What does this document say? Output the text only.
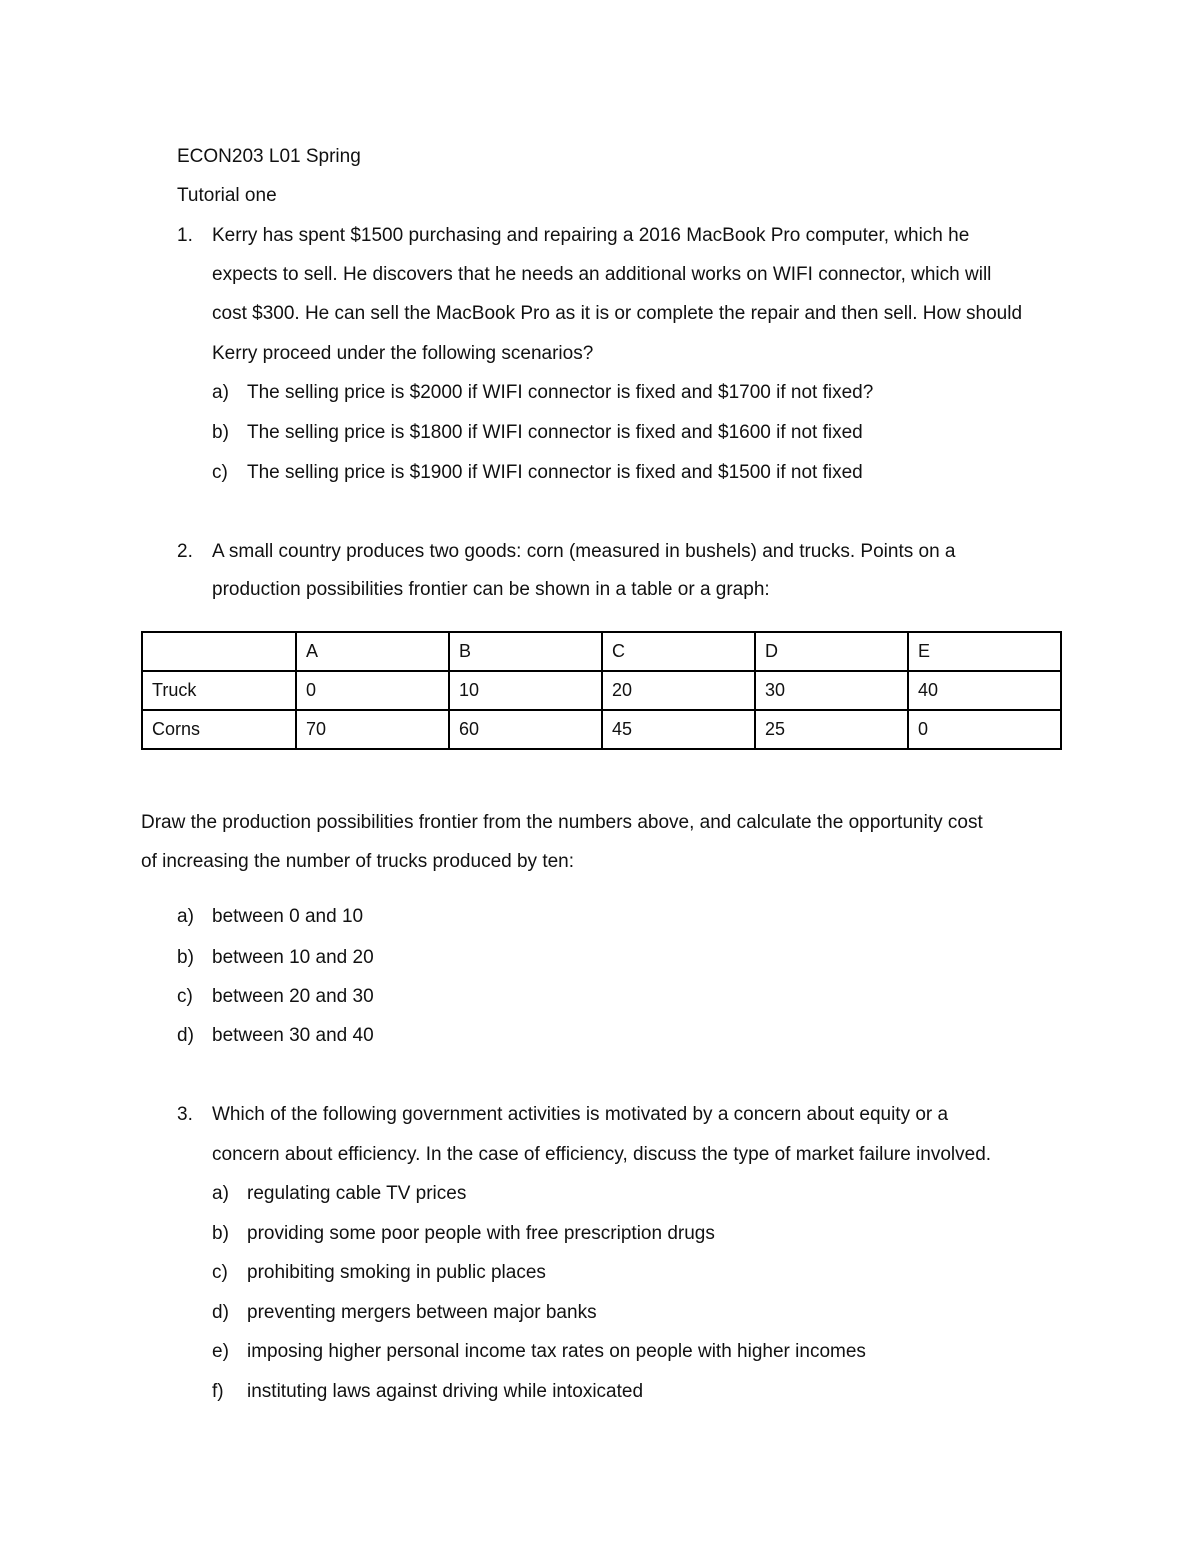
ECON203 L01 Spring
Tutorial one
1. Kerry has spent $1500 purchasing and repairing a 2016 MacBook Pro computer, which he
expects to sell. He discovers that he needs an additional works on WIFI connector, which will
cost $300. He can sell the MacBook Pro as it is or complete the repair and then sell. How should
Kerry proceed under the following scenarios?
a) The selling price is $2000 if WIFI connector is fixed and $1700 if not fixed?
b) The selling price is $1800 if WIFI connector is fixed and $1600 if not fixed
c) The selling price is $1900 if WIFI connector is fixed and $1500 if not fixed
2. A small country produces two goods: corn (measured in bushels) and trucks. Points on a
production possibilities frontier can be shown in a table or a graph:
	A	B	C	D	E
Truck	0	10	20	30	40
Corns	70	60	45	25	0
Draw the production possibilities frontier from the numbers above, and calculate the opportunity cost
of increasing the number of trucks produced by ten:
a) between 0 and 10
b) between 10 and 20
c) between 20 and 30
d) between 30 and 40
3. Which of the following government activities is motivated by a concern about equity or a
concern about efficiency. In the case of efficiency, discuss the type of market failure involved.
a) regulating cable TV prices
b) providing some poor people with free prescription drugs
c) prohibiting smoking in public places
d) preventing mergers between major banks
e) imposing higher personal income tax rates on people with higher incomes
f) instituting laws against driving while intoxicated
